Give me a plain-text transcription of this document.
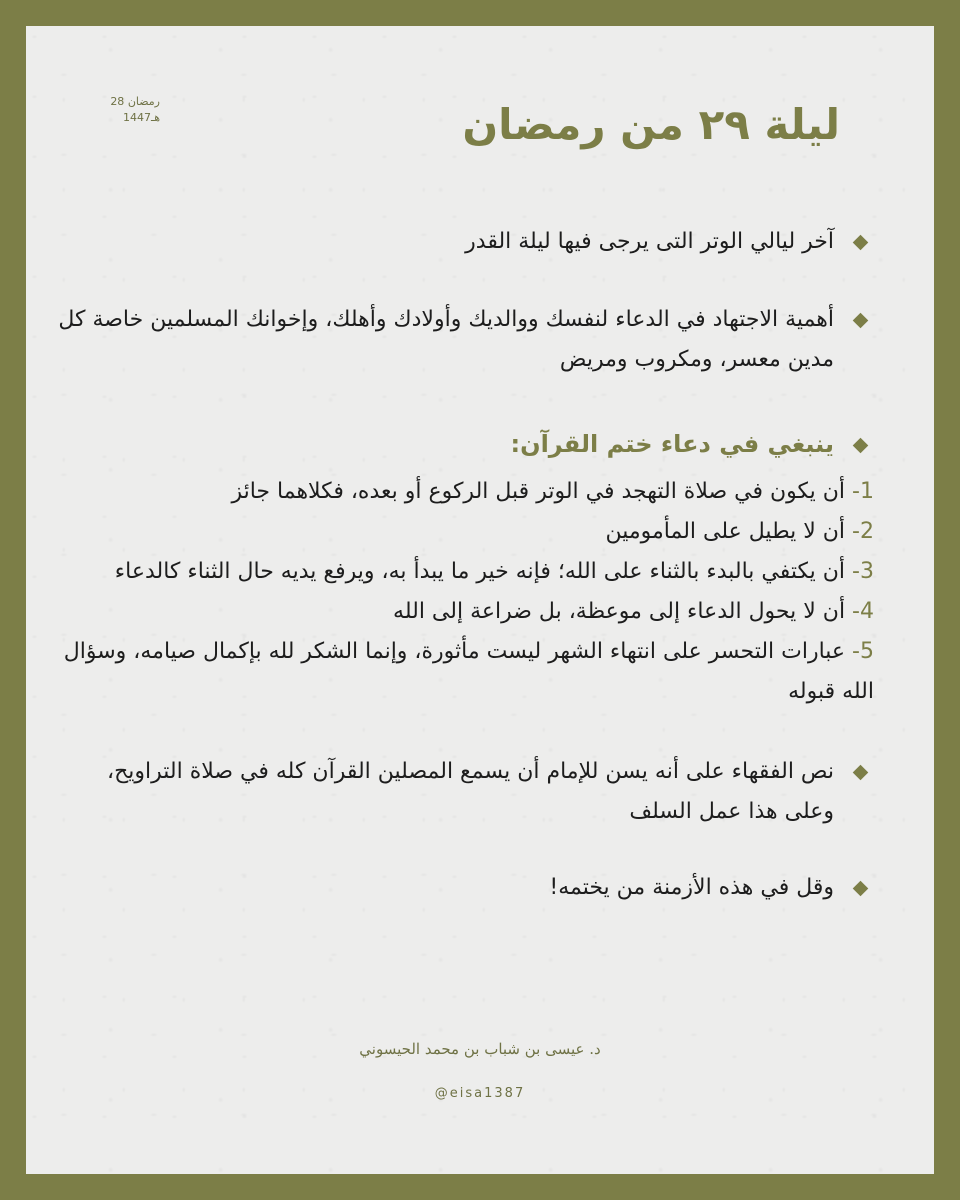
28 رمضان
1447هـ	ليلة ٢٩ من رمضان

آخر ليالي الوتر التى يرجى فيها ليلة القدر

أهمية الاجتهاد في الدعاء لنفسك ووالديك وأولادك وأهلك، وإخوانك المسلمين خاصة كل مدين معسر، ومكروب ومريض

ينبغي في دعاء ختم القرآن:

1- أن يكون في صلاة التهجد في الوتر قبل الركوع أو بعده، فكلاهما جائز

2- أن لا يطيل على المأمومين

3- أن يكتفي بالبدء بالثناء على الله؛ فإنه خير ما يبدأ به، ويرفع يديه حال الثناء كالدعاء

4- أن لا يحول الدعاء إلى موعظة، بل ضراعة إلى الله

5- عبارات التحسر على انتهاء الشهر ليست مأثورة، وإنما الشكر لله بإكمال صيامه، وسؤال الله قبوله

نص الفقهاء على أنه يسن للإمام أن يسمع المصلين القرآن كله في صلاة التراويح، وعلى هذا عمل السلف

وقل في هذه الأزمنة من يختمه!

د. عيسى بن شباب بن محمد الحيسوني
@eisa1387
